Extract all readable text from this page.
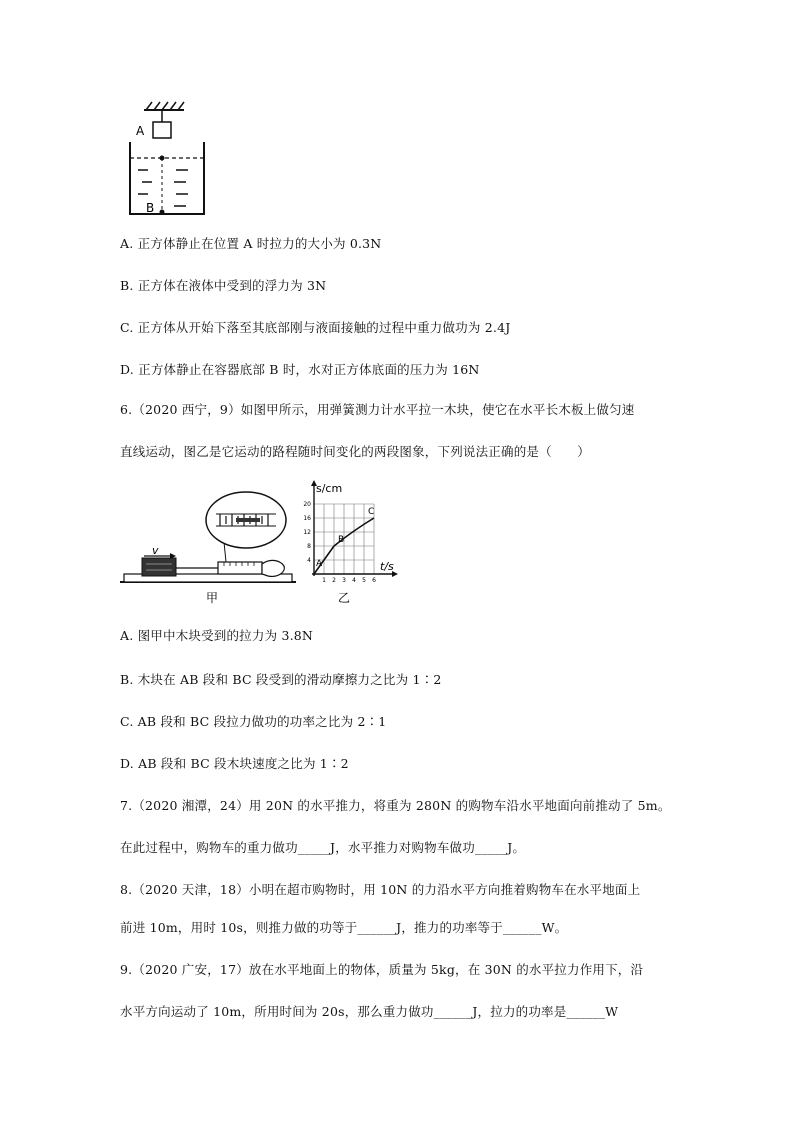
A
B
A. 正方体静止在位置 A 时拉力的大小为 0.3N
B. 正方体在液体中受到的浮力为 3N
C. 正方体从开始下落至其底部刚与液面接触的过程中重力做功为 2.4J
D. 正方体静止在容器底部 B 时，水对正方体底面的压力为 16N
6.（2020 西宁，9）如图甲所示，用弹簧测力计水平拉一木块，使它在水平长木板上做匀速
直线运动，图乙是它运动的路程随时间变化的两段图象，下列说法正确的是（　　）
v
甲
s/cm
t/s
20
16
12
8
4
1 2 3 4 5 6
A
B
C
乙
A. 图甲中木块受到的拉力为 3.8N
B. 木块在 AB 段和 BC 段受到的滑动摩擦力之比为 1∶2
C. AB 段和 BC 段拉力做功的功率之比为 2∶1
D. AB 段和 BC 段木块速度之比为 1∶2
7.（2020 湘潭，24）用 20N 的水平推力，将重为 280N 的购物车沿水平地面向前推动了 5m。
在此过程中，购物车的重力做功_____J，水平推力对购物车做功_____J。
8.（2020 天津，18）小明在超市购物时，用 10N 的力沿水平方向推着购物车在水平地面上
前进 10m，用时 10s，则推力做的功等于______J，推力的功率等于______W。
9.（2020 广安，17）放在水平地面上的物体，质量为 5kg，在 30N 的水平拉力作用下，沿
水平方向运动了 10m，所用时间为 20s，那么重力做功______J，拉力的功率是______W
